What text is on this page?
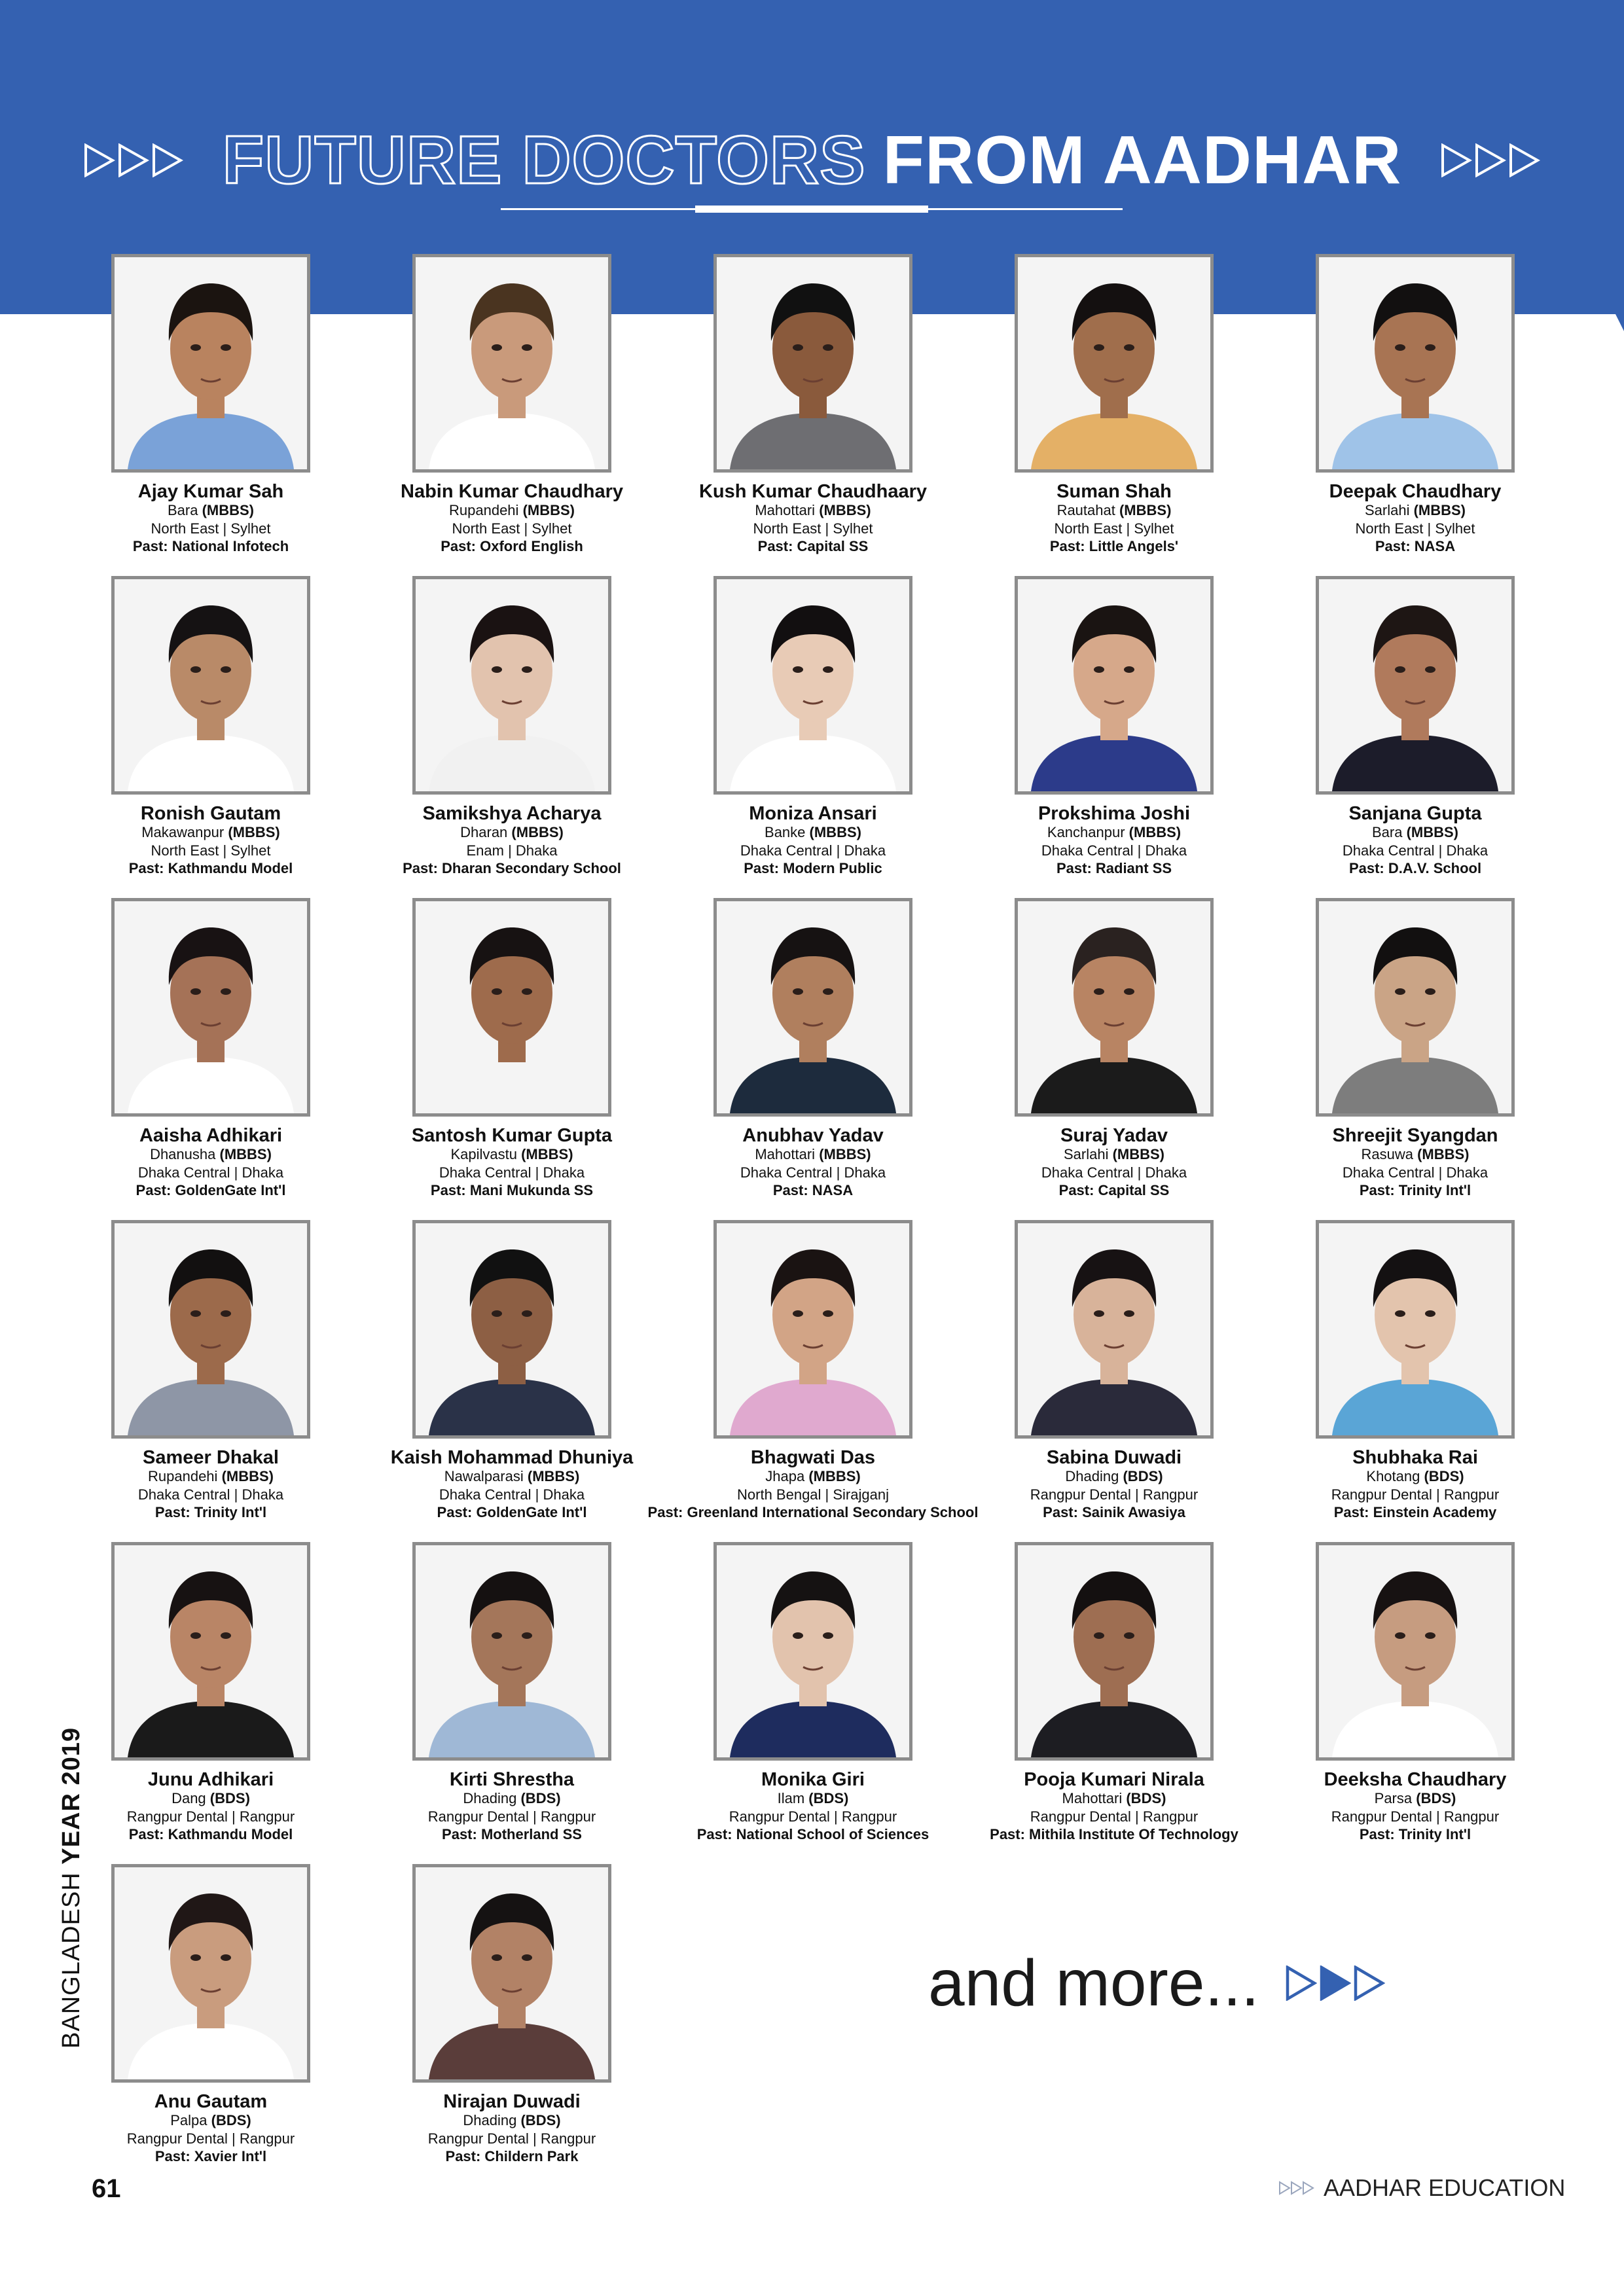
FUTURE DOCTORS FROM AADHAR
Ajay Kumar Sah
Bara (MBBS)
North East | Sylhet
Past: National Infotech
Nabin Kumar Chaudhary
Rupandehi (MBBS)
North East | Sylhet
Past: Oxford English
Kush Kumar Chaudhaary
Mahottari (MBBS)
North East | Sylhet
Past: Capital SS
Suman Shah
Rautahat (MBBS)
North East | Sylhet
Past: Little Angels'
Deepak Chaudhary
Sarlahi (MBBS)
North East | Sylhet
Past: NASA
Ronish Gautam
Makawanpur (MBBS)
North East | Sylhet
Past: Kathmandu Model
Samikshya Acharya
Dharan (MBBS)
Enam | Dhaka
Past: Dharan Secondary School
Moniza Ansari
Banke (MBBS)
Dhaka Central | Dhaka
Past: Modern Public
Prokshima Joshi
Kanchanpur (MBBS)
Dhaka Central | Dhaka
Past: Radiant SS
Sanjana Gupta
Bara (MBBS)
Dhaka Central | Dhaka
Past: D.A.V. School
Aaisha Adhikari
Dhanusha (MBBS)
Dhaka Central | Dhaka
Past: GoldenGate Int'l
Santosh Kumar Gupta
Kapilvastu (MBBS)
Dhaka Central | Dhaka
Past: Mani Mukunda SS
Anubhav Yadav
Mahottari (MBBS)
Dhaka Central | Dhaka
Past: NASA
Suraj Yadav
Sarlahi (MBBS)
Dhaka Central | Dhaka
Past: Capital SS
Shreejit Syangdan
Rasuwa (MBBS)
Dhaka Central | Dhaka
Past: Trinity Int'l
Sameer Dhakal
Rupandehi (MBBS)
Dhaka Central | Dhaka
Past: Trinity Int'l
Kaish Mohammad Dhuniya
Nawalparasi (MBBS)
Dhaka Central | Dhaka
Past: GoldenGate Int'l
Bhagwati Das
Jhapa (MBBS)
North Bengal | Sirajganj
Past: Greenland International Secondary School
Sabina Duwadi
Dhading (BDS)
Rangpur Dental | Rangpur
Past: Sainik Awasiya
Shubhaka Rai
Khotang (BDS)
Rangpur Dental | Rangpur
Past: Einstein Academy
Junu Adhikari
Dang (BDS)
Rangpur Dental | Rangpur
Past: Kathmandu Model
Kirti Shrestha
Dhading (BDS)
Rangpur Dental | Rangpur
Past: Motherland SS
Monika Giri
Ilam (BDS)
Rangpur Dental | Rangpur
Past: National School of Sciences
Pooja Kumari Nirala
Mahottari (BDS)
Rangpur Dental | Rangpur
Past: Mithila Institute Of Technology
Deeksha Chaudhary
Parsa (BDS)
Rangpur Dental | Rangpur
Past: Trinity Int'l
Anu Gautam
Palpa (BDS)
Rangpur Dental | Rangpur
Past: Xavier Int'l
Nirajan Duwadi
Dhading (BDS)
Rangpur Dental | Rangpur
Past: Childern Park
and more...
BANGLADESH YEAR 2019
61	AADHAR EDUCATION
